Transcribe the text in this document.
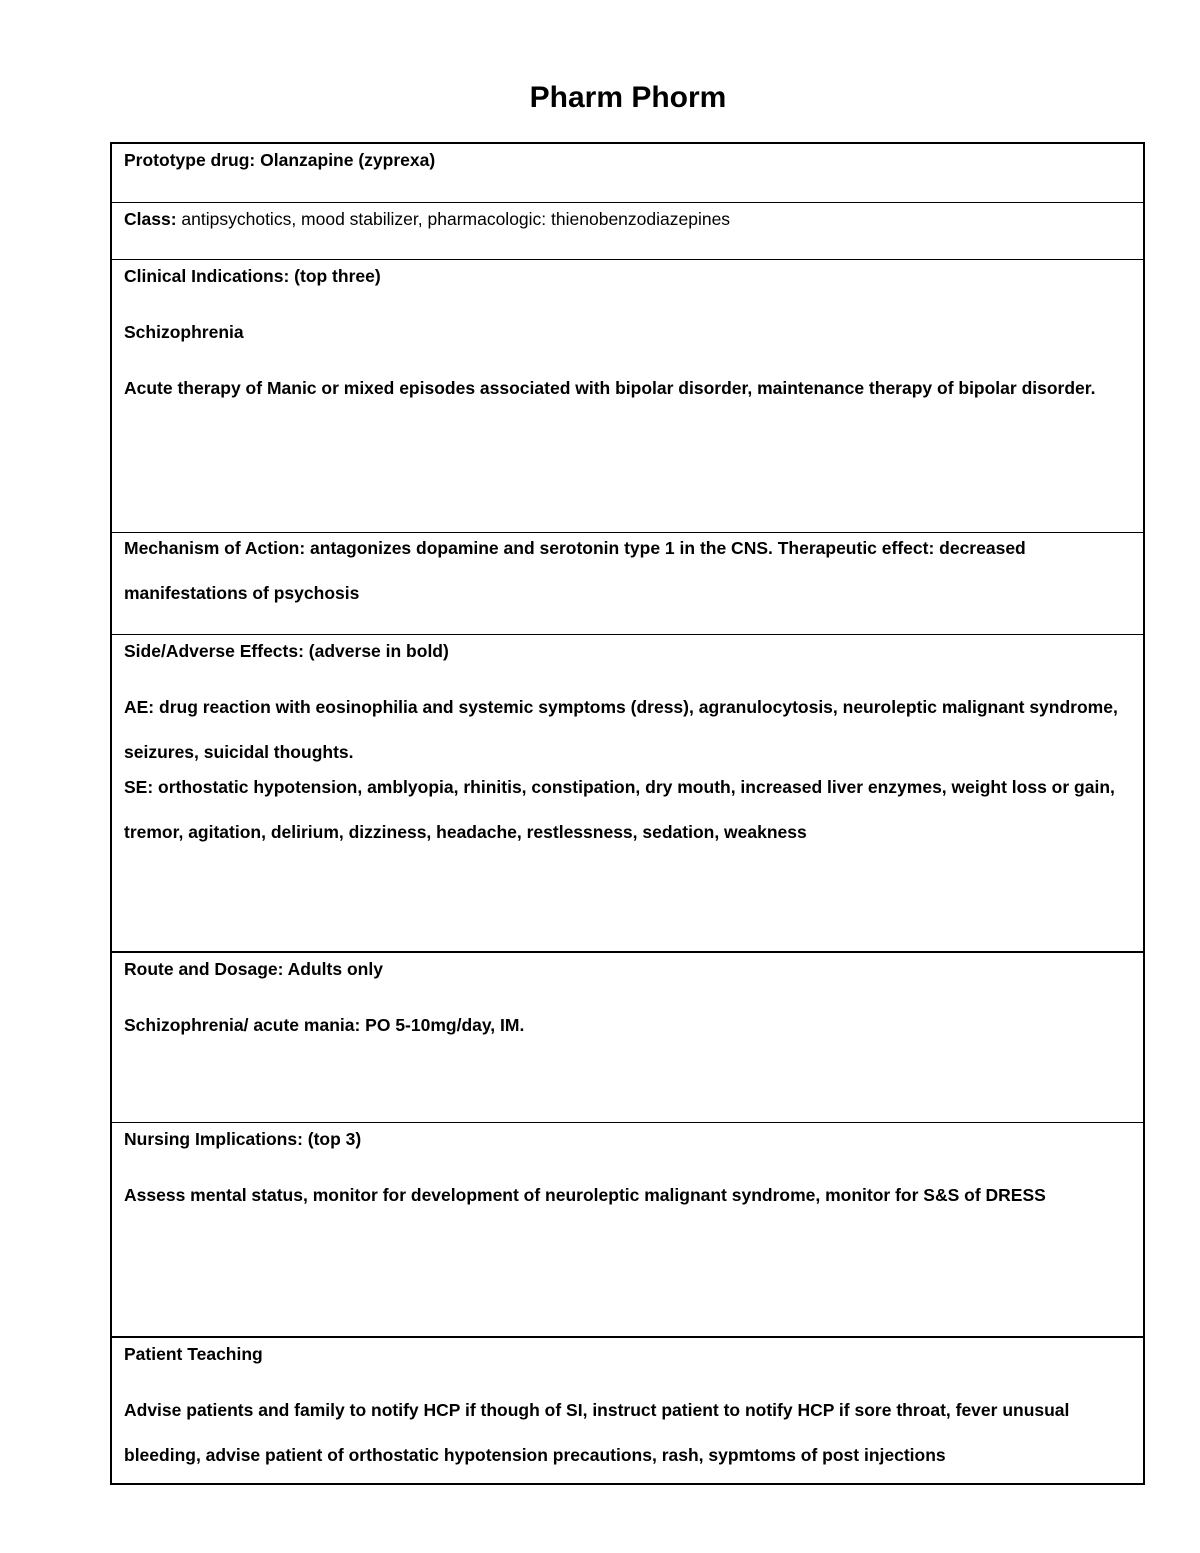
Pharm Phorm
Prototype drug: Olanzapine (zyprexa)
Class: antipsychotics, mood stabilizer, pharmacologic: thienobenzodiazepines
Clinical Indications: (top three)
Schizophrenia
Acute therapy of Manic or mixed episodes associated with bipolar disorder, maintenance therapy of bipolar disorder.
Mechanism of Action: antagonizes dopamine and serotonin type 1 in the CNS. Therapeutic effect: decreased manifestations of psychosis
Side/Adverse Effects: (adverse in bold)
AE: drug reaction with eosinophilia and systemic symptoms (dress), agranulocytosis, neuroleptic malignant syndrome, seizures, suicidal thoughts.
SE: orthostatic hypotension, amblyopia, rhinitis, constipation, dry mouth, increased liver enzymes, weight loss or gain, tremor, agitation, delirium, dizziness, headache, restlessness, sedation, weakness
Route and Dosage: Adults only
Schizophrenia/ acute mania: PO 5-10mg/day, IM.
Nursing Implications: (top 3)
Assess mental status, monitor for development of neuroleptic malignant syndrome, monitor for S&S of DRESS
Patient Teaching
Advise patients and family to notify HCP if though of SI, instruct patient to notify HCP if sore throat, fever unusual bleeding, advise patient of orthostatic hypotension precautions, rash, sypmtoms of post injections
